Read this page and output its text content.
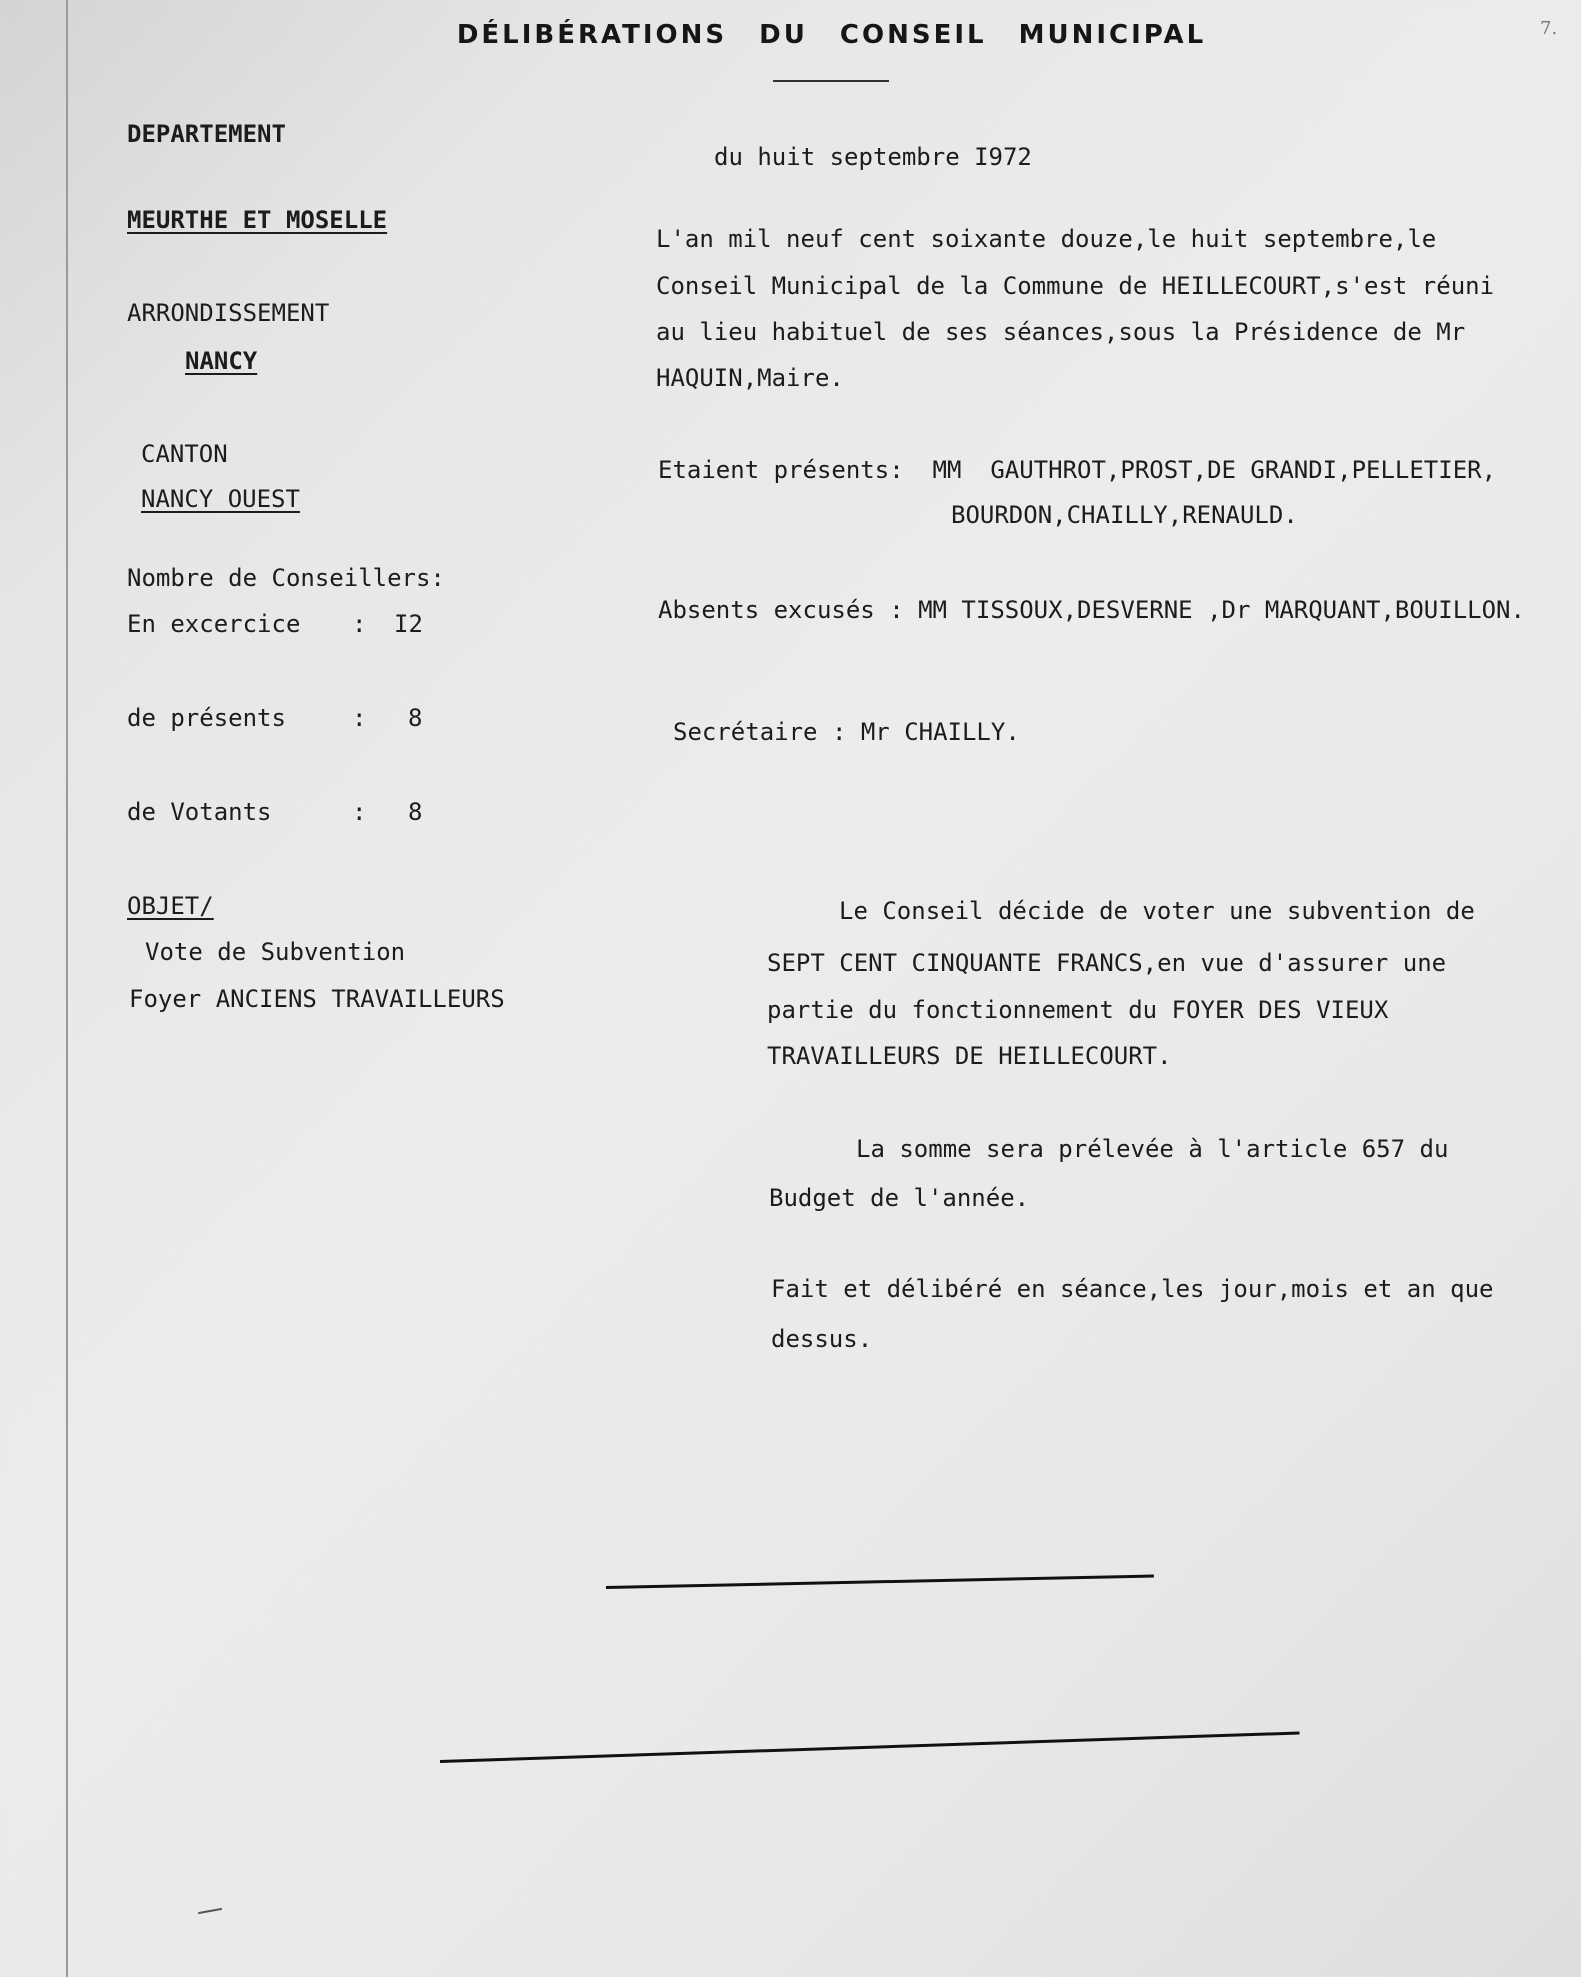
DÉLIBÉRATIONS DU CONSEIL MUNICIPAL	7.
DEPARTEMENT
MEURTHE ET MOSELLE
ARRONDISSEMENT
NANCY
CANTON
NANCY OUEST
Nombre de Conseillers:
En excercice : I2
de présents	: 8
de Votants	: 8
OBJET/
Vote de Subvention
Foyer ANCIENS TRAVAILLEURS
du huit septembre I972
L'an mil neuf cent soixante douze,le huit septembre,le
Conseil Municipal de la Commune de HEILLECOURT,s'est réuni
au lieu habituel de ses séances,sous la Présidence de Mr
HAQUIN,Maire.
Etaient présents:  MM  GAUTHROT,PROST,DE GRANDI,PELLETIER,
BOURDON,CHAILLY,RENAULD.
Absents excusés : MM TISSOUX,DESVERNE ,Dr MARQUANT,BOUILLON.
Secrétaire : Mr CHAILLY.
Le Conseil décide de voter une subvention de
SEPT CENT CINQUANTE FRANCS,en vue d'assurer une
partie du fonctionnement du FOYER DES VIEUX
TRAVAILLEURS DE HEILLECOURT.
La somme sera prélevée à l'article 657 du
Budget de l'année.
Fait et délibéré en séance,les jour,mois et an que
dessus.
